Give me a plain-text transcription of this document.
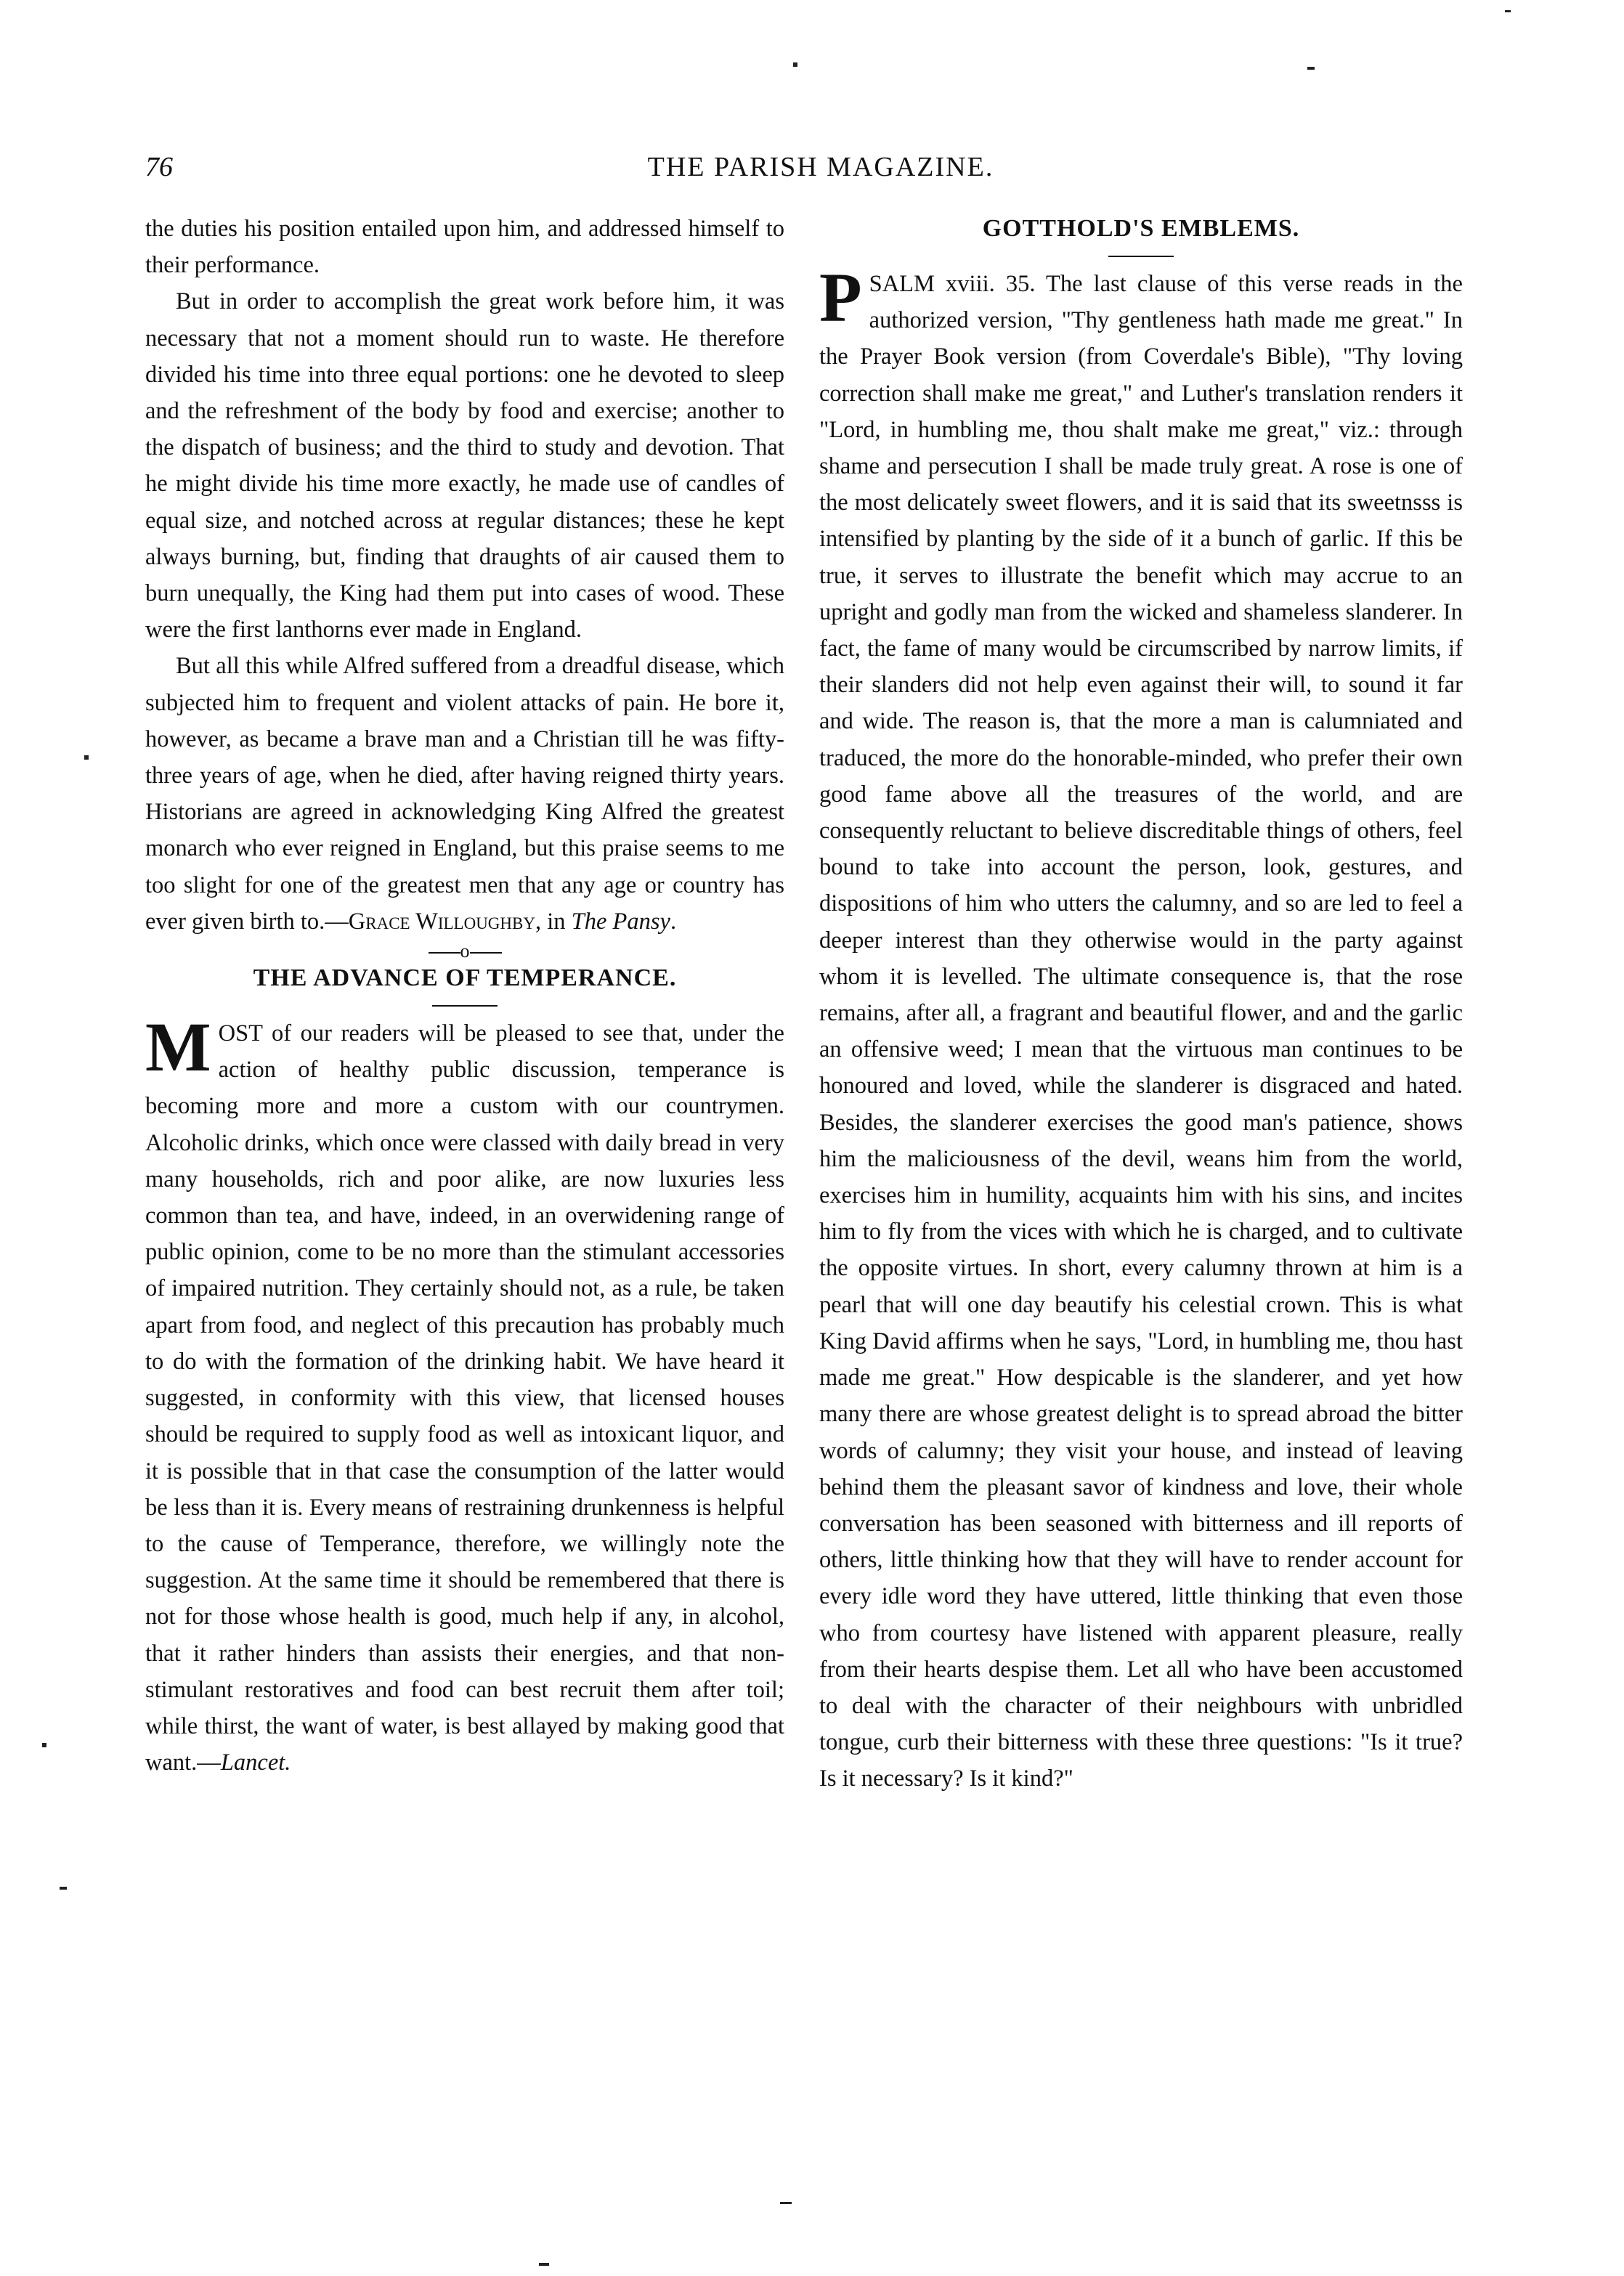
76	THE PARISH MAGAZINE.

the duties his position entailed upon him, and addressed himself to their performance.

But in order to accomplish the great work before him, it was necessary that not a moment should run to waste. He therefore divided his time into three equal portions: one he devoted to sleep and the refreshment of the body by food and exercise; another to the dispatch of business; and the third to study and devotion. That he might divide his time more exactly, he made use of candles of equal size, and notched across at regular distances; these he kept always burning, but, finding that draughts of air caused them to burn unequally, the King had them put into cases of wood. These were the first lanthorns ever made in England.

But all this while Alfred suffered from a dreadful disease, which subjected him to frequent and violent attacks of pain. He bore it, however, as became a brave man and a Christian till he was fifty-three years of age, when he died, after having reigned thirty years. Historians are agreed in acknowledging King Alfred the greatest monarch who ever reigned in England, but this praise seems to me too slight for one of the greatest men that any age or country has ever given birth to.—Grace Willoughby, in The Pansy.

o
THE ADVANCE OF TEMPERANCE.

MOST of our readers will be pleased to see that, under the action of healthy public discussion, temperance is becoming more and more a custom with our countrymen. Alcoholic drinks, which once were classed with daily bread in very many households, rich and poor alike, are now luxuries less common than tea, and have, indeed, in an overwidening range of public opinion, come to be no more than the stimulant accessories of impaired nutrition. They certainly should not, as a rule, be taken apart from food, and neglect of this precaution has probably much to do with the formation of the drinking habit. We have heard it suggested, in conformity with this view, that licensed houses should be required to supply food as well as intoxicant liquor, and it is possible that in that case the consumption of the latter would be less than it is. Every means of restraining drunkenness is helpful to the cause of Temperance, therefore, we willingly note the suggestion. At the same time it should be remembered that there is not for those whose health is good, much help if any, in alcohol, that it rather hinders than assists their energies, and that non-stimulant restoratives and food can best recruit them after toil; while thirst, the want of water, is best allayed by making good that want.—Lancet.

GOTTHOLD'S EMBLEMS.

PSALM xviii. 35. The last clause of this verse reads in the authorized version, "Thy gentleness hath made me great." In the Prayer Book version (from Coverdale's Bible), "Thy loving correction shall make me great," and Luther's translation renders it "Lord, in humbling me, thou shalt make me great," viz.: through shame and persecution I shall be made truly great. A rose is one of the most delicately sweet flowers, and it is said that its sweetnsss is intensified by planting by the side of it a bunch of garlic. If this be true, it serves to illustrate the benefit which may accrue to an upright and godly man from the wicked and shameless slanderer. In fact, the fame of many would be circumscribed by narrow limits, if their slanders did not help even against their will, to sound it far and wide. The reason is, that the more a man is calumniated and traduced, the more do the honorable-minded, who prefer their own good fame above all the treasures of the world, and are consequently reluctant to believe discreditable things of others, feel bound to take into account the person, look, gestures, and dispositions of him who utters the calumny, and so are led to feel a deeper interest than they otherwise would in the party against whom it is levelled. The ultimate consequence is, that the rose remains, after all, a fragrant and beautiful flower, and and the garlic an offensive weed; I mean that the virtuous man continues to be honoured and loved, while the slanderer is disgraced and hated. Besides, the slanderer exercises the good man's patience, shows him the maliciousness of the devil, weans him from the world, exercises him in humility, acquaints him with his sins, and incites him to fly from the vices with which he is charged, and to cultivate the opposite virtues. In short, every calumny thrown at him is a pearl that will one day beautify his celestial crown. This is what King David affirms when he says, "Lord, in humbling me, thou hast made me great." How despicable is the slanderer, and yet how many there are whose greatest delight is to spread abroad the bitter words of calumny; they visit your house, and instead of leaving behind them the pleasant savor of kindness and love, their whole conversation has been seasoned with bitterness and ill reports of others, little thinking how that they will have to render account for every idle word they have uttered, little thinking that even those who from courtesy have listened with apparent pleasure, really from their hearts despise them. Let all who have been accustomed to deal with the character of their neighbours with unbridled tongue, curb their bitterness with these three questions: "Is it true? Is it necessary? Is it kind?"
